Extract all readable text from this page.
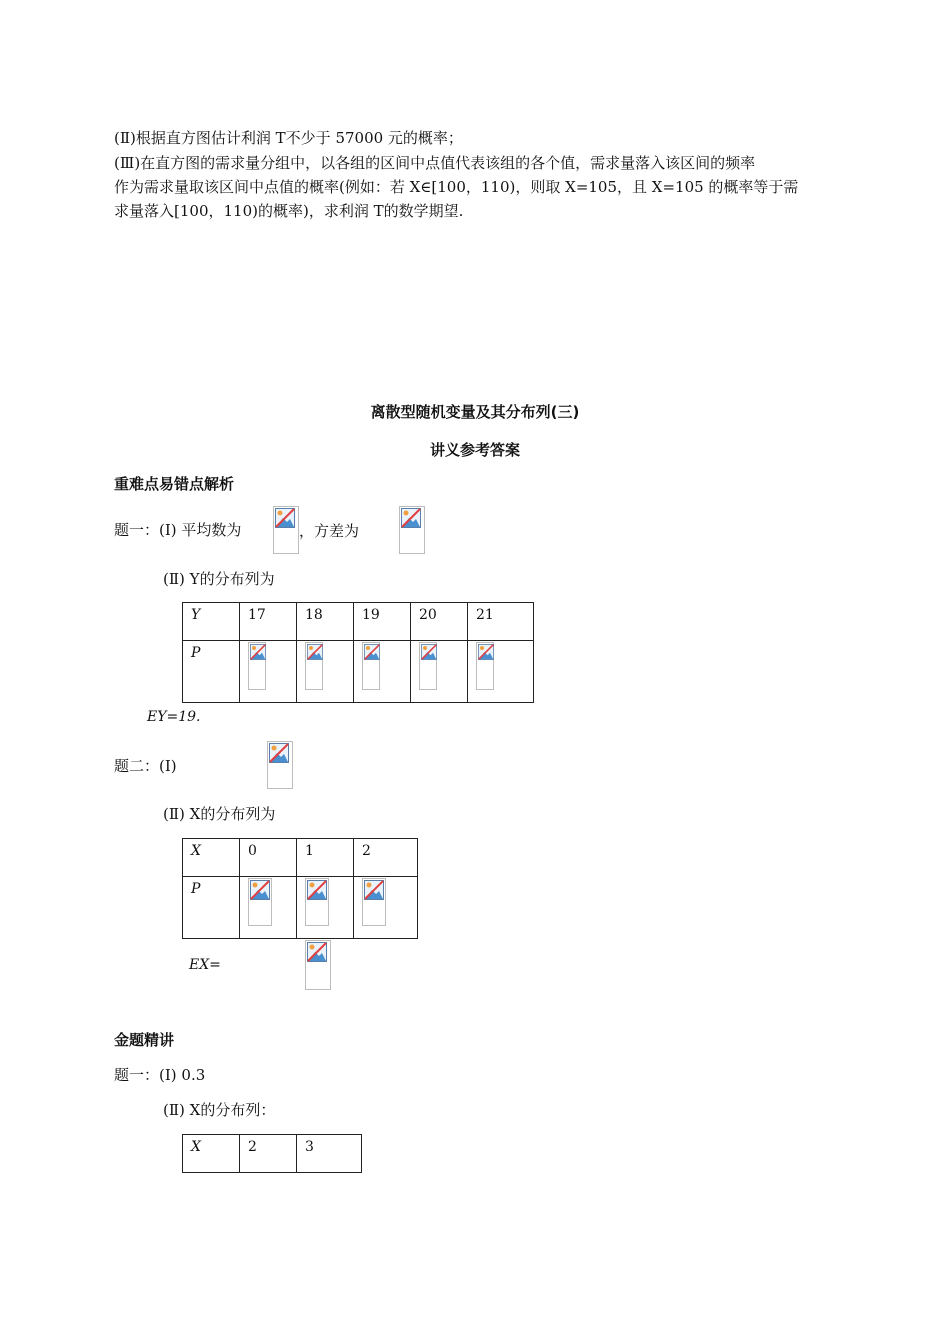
(Ⅱ)根据直方图估计利润 T不少于 57000 元的概率；
(Ⅲ)在直方图的需求量分组中，以各组的区间中点值代表该组的各个值，需求量落入该区间的频率
作为需求量取该区间中点值的概率(例如：若 X∈[100，110)，则取 X=105，且 X=105 的概率等于需
求量落入[100，110)的概率)，求利润 T的数学期望.
离散型随机变量及其分布列(三)
讲义参考答案
重难点易错点解析
题一：(Ⅰ) 平均数为
	，方差为

(Ⅱ) Y的分布列为
Y	17	18	19	20	21

P

EY=19.
题二：(Ⅰ)

(Ⅱ) X的分布列为
X	0	1	2

P

EX=
金题精讲
题一：(Ⅰ) 0.3
(Ⅱ) X的分布列：
X	2	3
